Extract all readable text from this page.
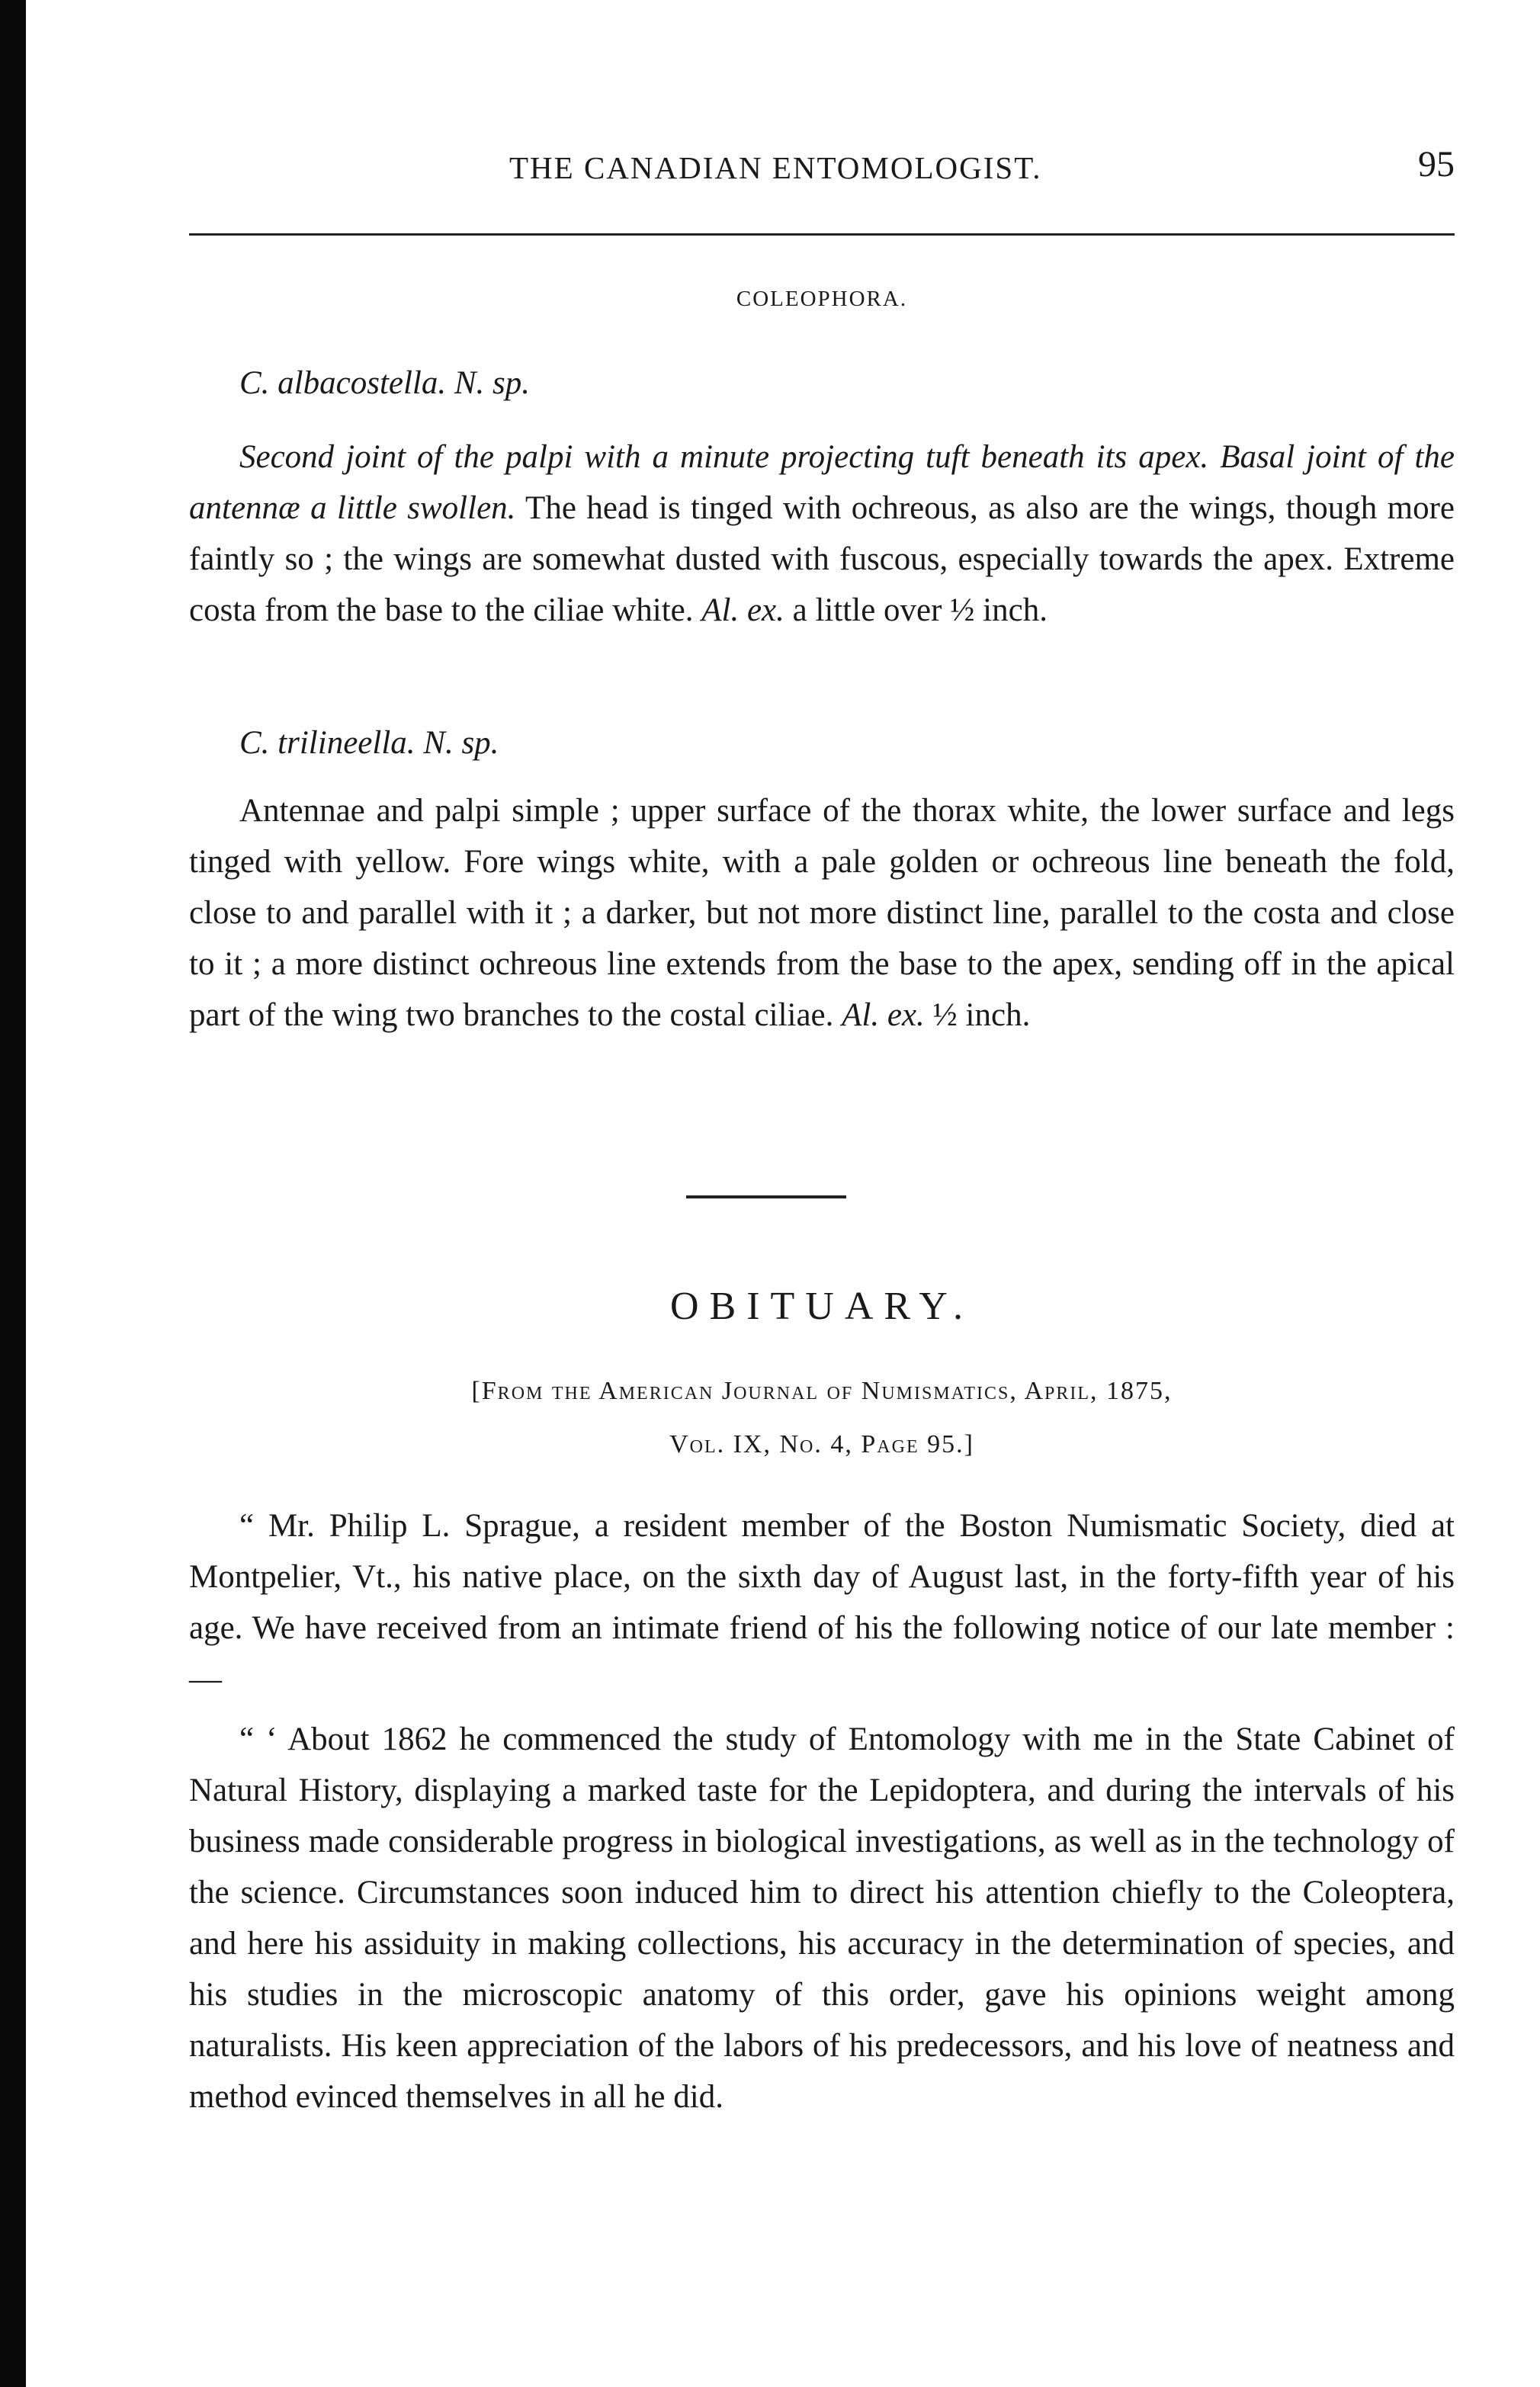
THE CANADIAN ENTOMOLOGIST.	95
COLEOPHORA.
C. albacostella. N. sp.

Second joint of the palpi with a minute projecting tuft beneath its apex. Basal joint of the antennæ a little swollen. The head is tinged with ochreous, as also are the wings, though more faintly so ; the wings are somewhat dusted with fuscous, especially towards the apex. Extreme costa from the base to the ciliae white. Al. ex. a little over ½ inch.

C. trilineella. N. sp.

Antennae and palpi simple ; upper surface of the thorax white, the lower surface and legs tinged with yellow. Fore wings white, with a pale golden or ochreous line beneath the fold, close to and parallel with it ; a darker, but not more distinct line, parallel to the costa and close to it ; a more distinct ochreous line extends from the base to the apex, sending off in the apical part of the wing two branches to the costal ciliae. Al. ex. ½ inch.

OBITUARY.
[From the American Journal of Numismatics, April, 1875,
Vol. IX, No. 4, Page 95.]

“ Mr. Philip L. Sprague, a resident member of the Boston Numismatic Society, died at Montpelier, Vt., his native place, on the sixth day of August last, in the forty-fifth year of his age. We have received from an intimate friend of his the following notice of our late member :—

“ ‘ About 1862 he commenced the study of Entomology with me in the State Cabinet of Natural History, displaying a marked taste for the Lepidoptera, and during the intervals of his business made considerable progress in biological investigations, as well as in the technology of the science. Circumstances soon induced him to direct his attention chiefly to the Coleoptera, and here his assiduity in making collections, his accuracy in the determination of species, and his studies in the microscopic anatomy of this order, gave his opinions weight among naturalists. His keen appreciation of the labors of his predecessors, and his love of neatness and method evinced themselves in all he did.
